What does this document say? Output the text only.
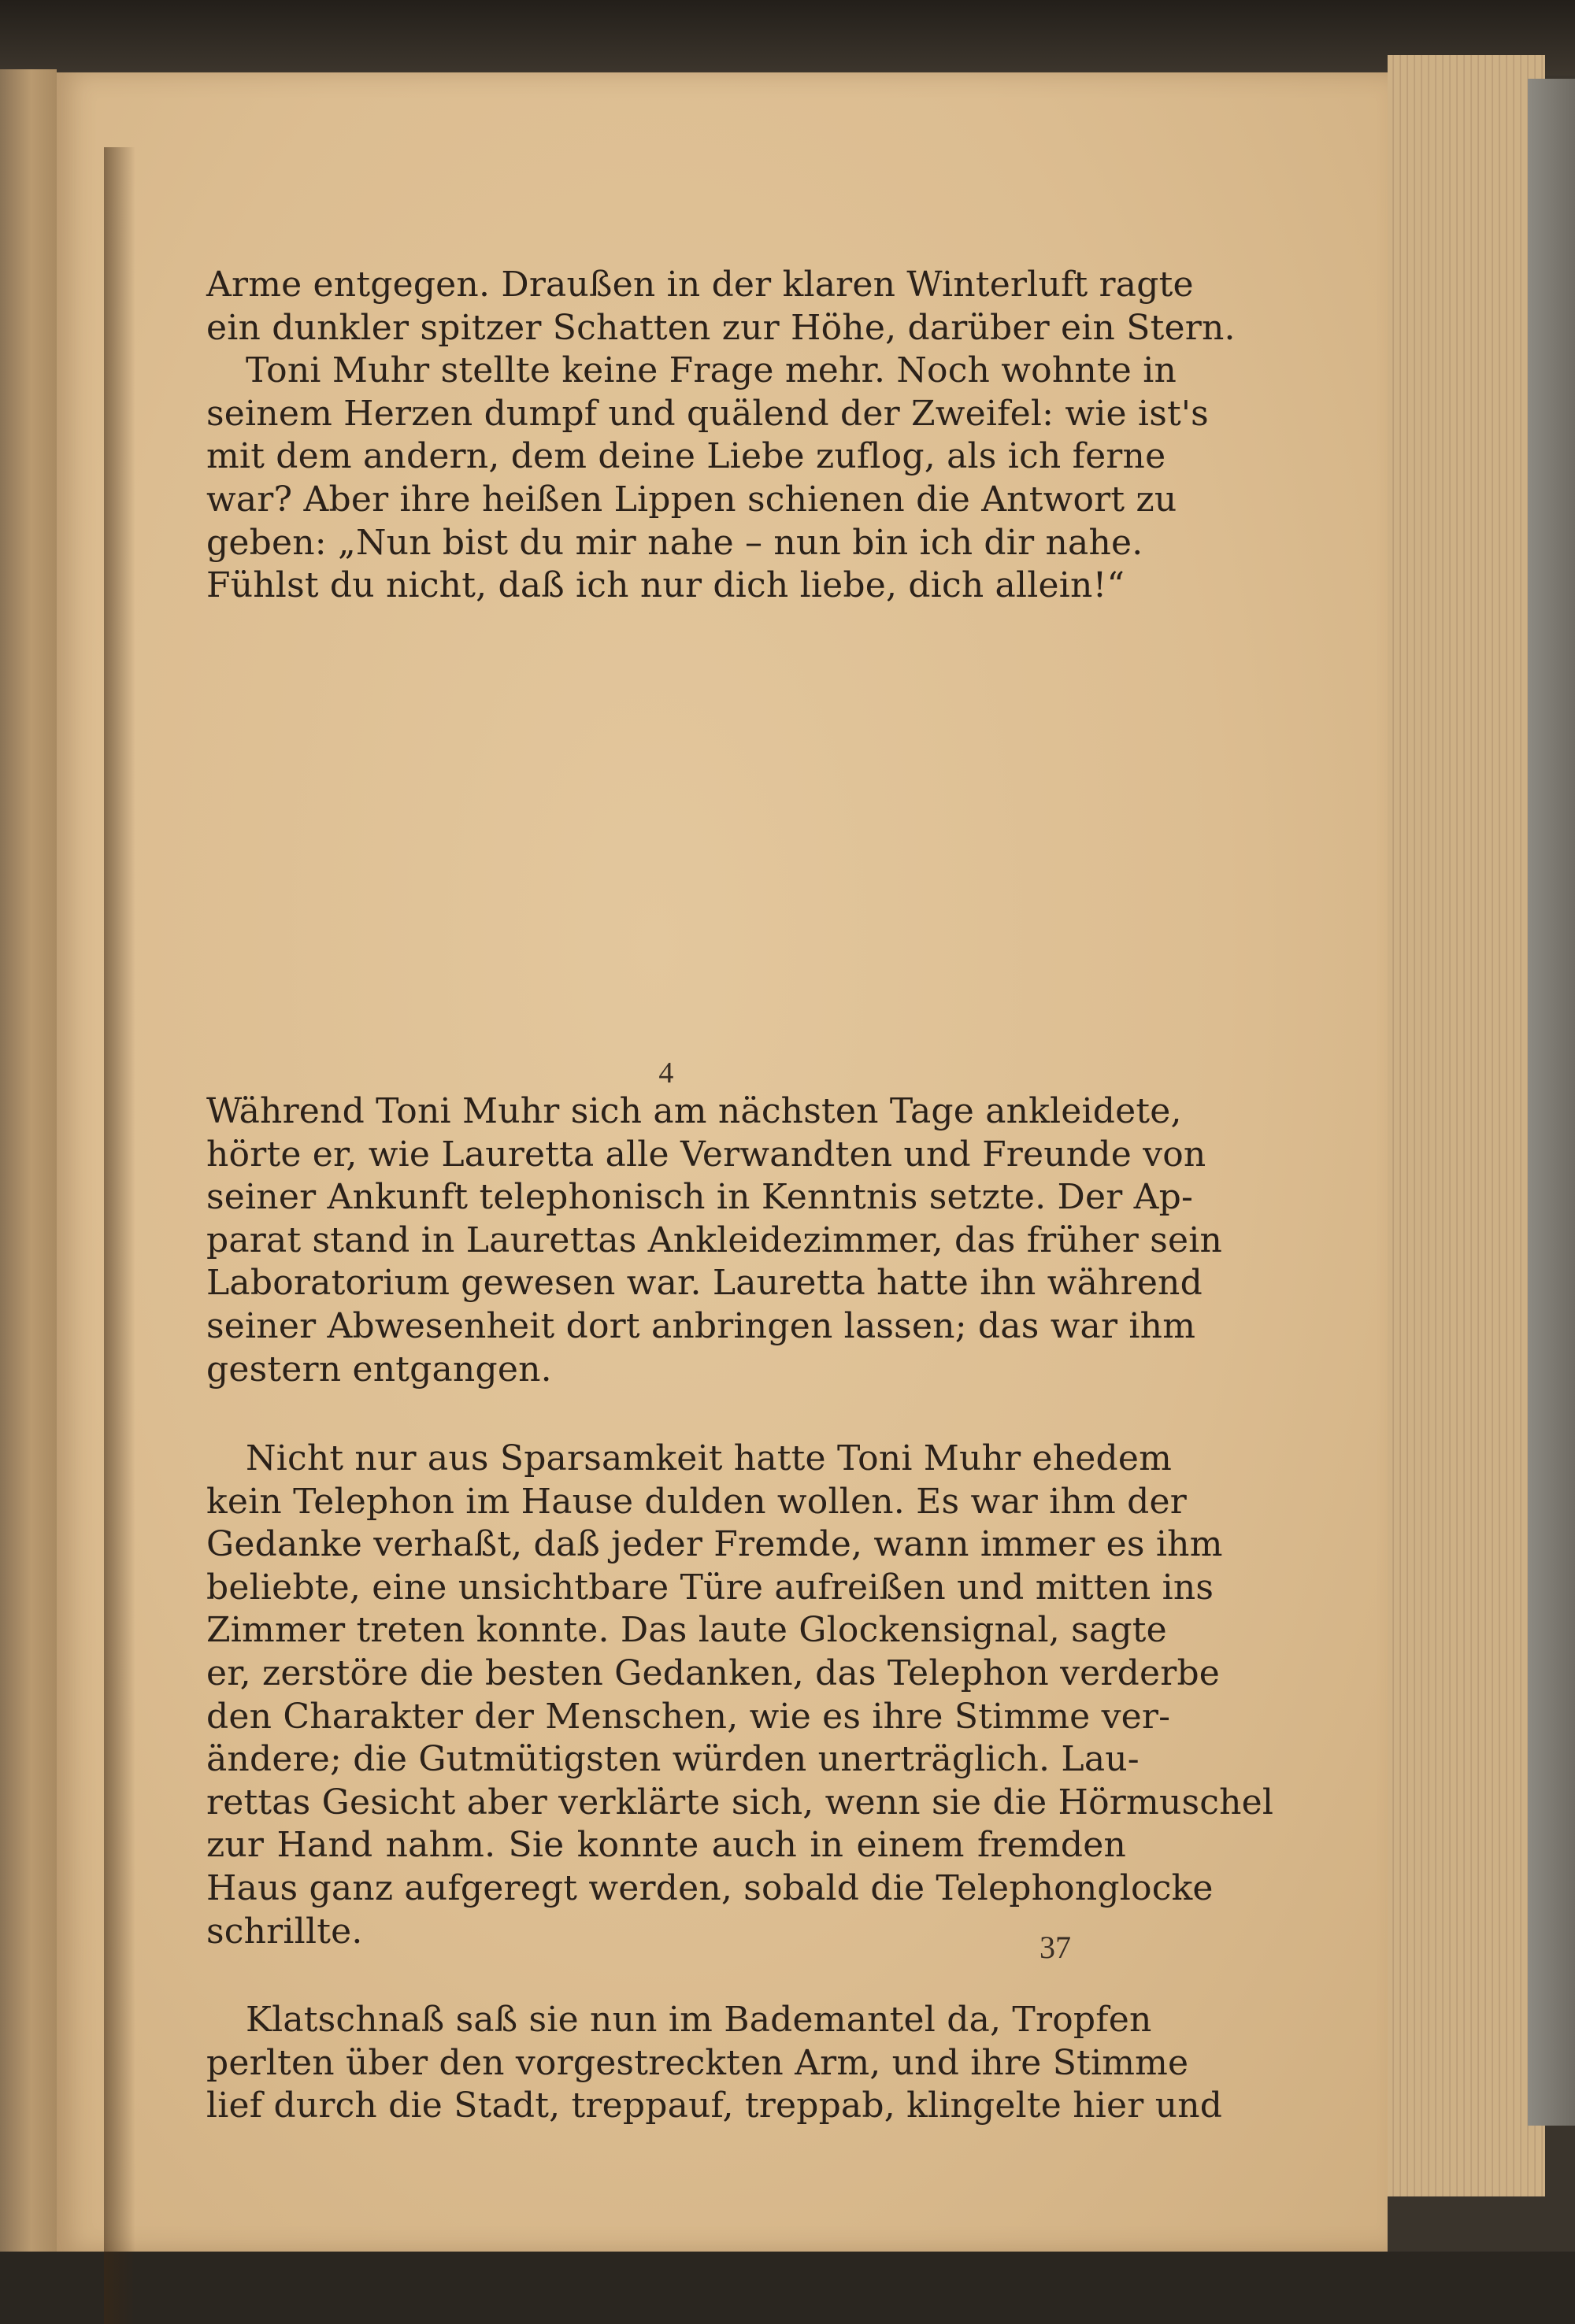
Arme entgegen. Draußen in der klaren Winterluft ragte
ein dunkler spitzer Schatten zur Höhe, darüber ein Stern.
Toni Muhr stellte keine Frage mehr. Noch wohnte in
seinem Herzen dumpf und quälend der Zweifel: wie ist's
mit dem andern, dem deine Liebe zuflog, als ich ferne
war? Aber ihre heißen Lippen schienen die Antwort zu
geben: „Nun bist du mir nahe – nun bin ich dir nahe.
Fühlst du nicht, daß ich nur dich liebe, dich allein!“
4
Während Toni Muhr sich am nächsten Tage ankleidete,
hörte er, wie Lauretta alle Verwandten und Freunde von
seiner Ankunft telephonisch in Kenntnis setzte. Der Ap-
parat stand in Laurettas Ankleidezimmer, das früher sein
Laboratorium gewesen war. Lauretta hatte ihn während
seiner Abwesenheit dort anbringen lassen; das war ihm
gestern entgangen.
Nicht nur aus Sparsamkeit hatte Toni Muhr ehedem
kein Telephon im Hause dulden wollen. Es war ihm der
Gedanke verhaßt, daß jeder Fremde, wann immer es ihm
beliebte, eine unsichtbare Türe aufreißen und mitten ins
Zimmer treten konnte. Das laute Glockensignal, sagte
er, zerstöre die besten Gedanken, das Telephon verderbe
den Charakter der Menschen, wie es ihre Stimme ver-
ändere; die Gutmütigsten würden unerträglich. Lau-
rettas Gesicht aber verklärte sich, wenn sie die Hörmuschel
zur Hand nahm. Sie konnte auch in einem fremden
Haus ganz aufgeregt werden, sobald die Telephonglocke
schrillte.
Klatschnaß saß sie nun im Bademantel da, Tropfen
perlten über den vorgestreckten Arm, und ihre Stimme
lief durch die Stadt, treppauf, treppab, klingelte hier und
37
